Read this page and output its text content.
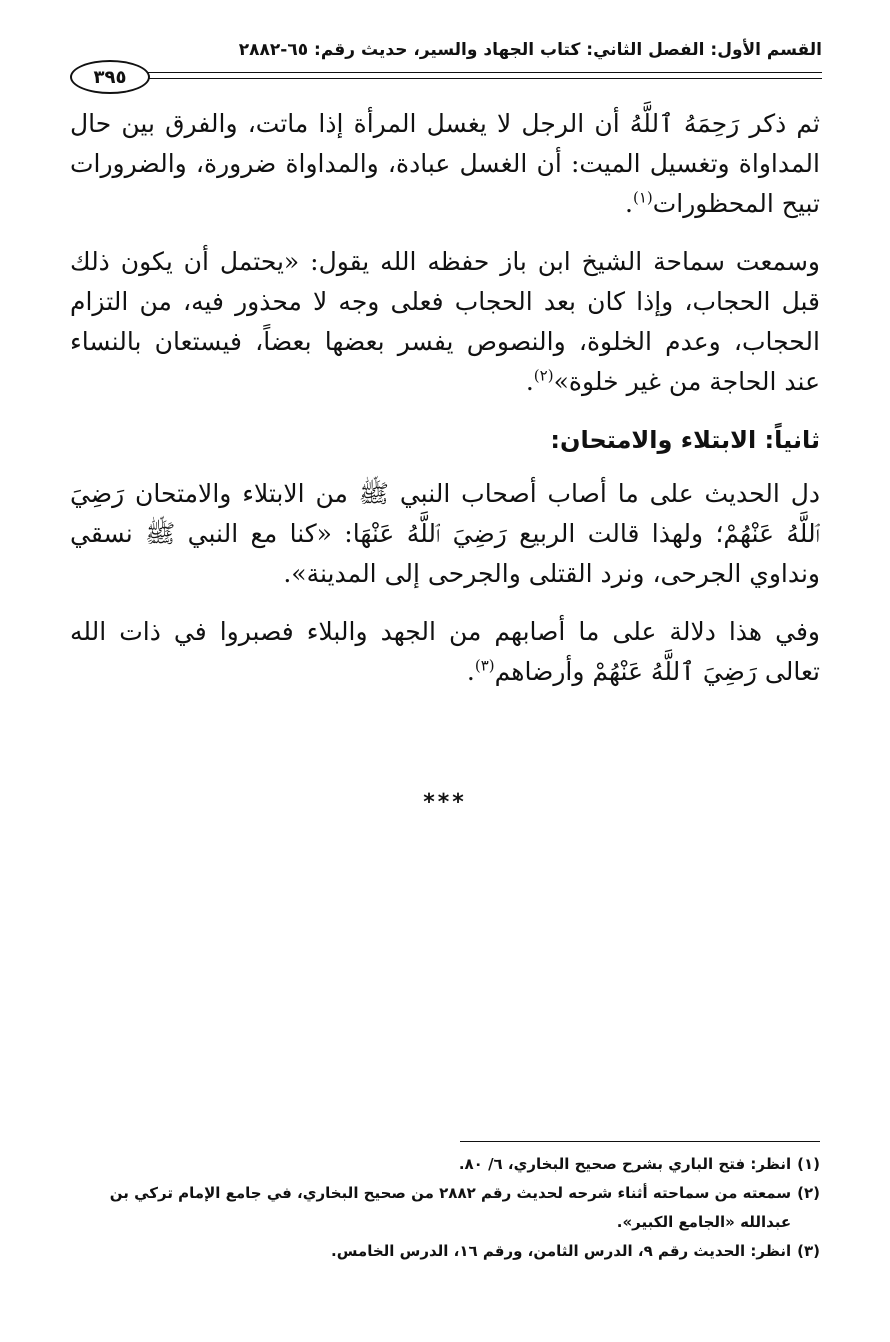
القسم الأول: الفصل الثاني: كتاب الجهاد والسير، حديث رقم: ٦٥-٢٨٨٢
٣٩٥

ثم ذكر رَحِمَهُ ٱللَّهُ أن الرجل لا يغسل المرأة إذا ماتت، والفرق بين حال المداواة وتغسيل الميت: أن الغسل عبادة، والمداواة ضرورة، والضرورات تبيح المحظورات$^{(١)}$.

وسمعت سماحة الشيخ ابن باز حفظه الله يقول: «يحتمل أن يكون ذلك قبل الحجاب، وإذا كان بعد الحجاب فعلى وجه لا محذور فيه، من التزام الحجاب، وعدم الخلوة، والنصوص يفسر بعضها بعضاً، فيستعان بالنساء عند الحاجة من غير خلوة»$^{(٢)}$.

ثانياً: الابتلاء والامتحان:

دل الحديث على ما أصاب أصحاب النبي ﷺ من الابتلاء والامتحان رَضِيَ ٱللَّهُ عَنْهُمْ؛ ولهذا قالت الربيع رَضِيَ ٱللَّهُ عَنْهَا: «كنا مع النبي ﷺ نسقي ونداوي الجرحى، ونرد القتلى والجرحى إلى المدينة».

وفي هذا دلالة على ما أصابهم من الجهد والبلاء فصبروا في ذات الله تعالى رَضِيَ ٱللَّهُ عَنْهُمْ وأرضاهم$^{(٣)}$.

***
(١)
انظر: فتح الباري بشرح صحيح البخاري، ٦/ ٨٠.
(٢)
سمعته من سماحته أثناء شرحه لحديث رقم ٢٨٨٢ من صحيح البخاري، في جامع الإمام تركي بن عبدالله «الجامع الكبير».
(٣)
انظر: الحديث رقم ٩، الدرس الثامن، ورقم ١٦، الدرس الخامس.
